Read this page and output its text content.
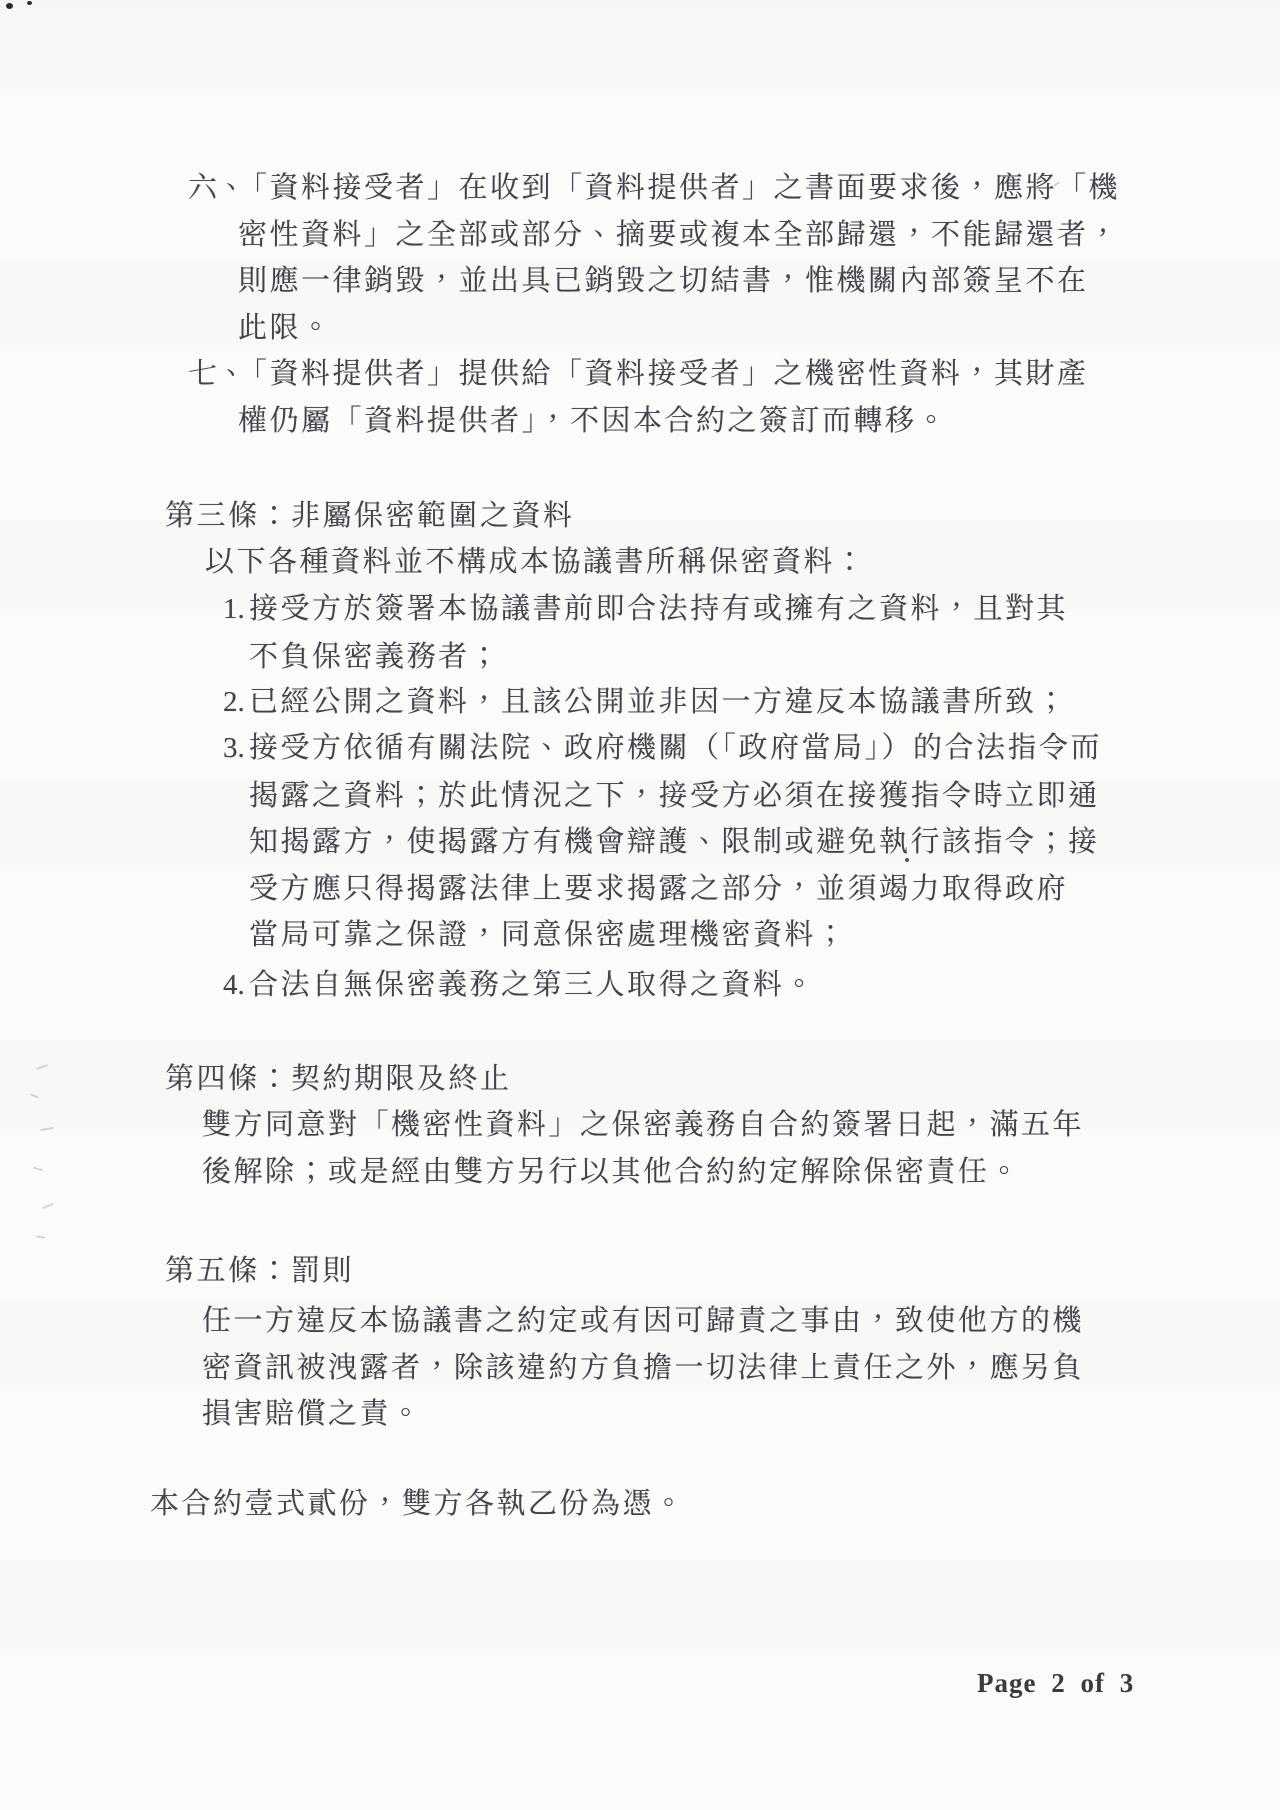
六、「資料接受者」在收到「資料提供者」之書面要求後，應將「機
密性資料」之全部或部分、摘要或複本全部歸還，不能歸還者，
則應一律銷毀，並出具已銷毀之切結書，惟機關內部簽呈不在
此限。
七、「資料提供者」提供給「資料接受者」之機密性資料，其財產
權仍屬「資料提供者」，不因本合約之簽訂而轉移。
第三條：非屬保密範圍之資料
以下各種資料並不構成本協議書所稱保密資料：
1. 接受方於簽署本協議書前即合法持有或擁有之資料，且對其
不負保密義務者；
2. 已經公開之資料，且該公開並非因一方違反本協議書所致；
3. 接受方依循有關法院、政府機關（「政府當局」）的合法指令而
揭露之資料；於此情況之下，接受方必須在接獲指令時立即通
知揭露方，使揭露方有機會辯護、限制或避免執行該指令；接
受方應只得揭露法律上要求揭露之部分，並須竭力取得政府
當局可靠之保證，同意保密處理機密資料；
4. 合法自無保密義務之第三人取得之資料。
第四條：契約期限及終止
雙方同意對「機密性資料」之保密義務自合約簽署日起，滿五年
後解除；或是經由雙方另行以其他合約約定解除保密責任。
第五條：罰則
任一方違反本協議書之約定或有因可歸責之事由，致使他方的機
密資訊被洩露者，除該違約方負擔一切法律上責任之外，應另負
損害賠償之責。
本合約壹式貳份，雙方各執乙份為憑。
Page 2 of 3
